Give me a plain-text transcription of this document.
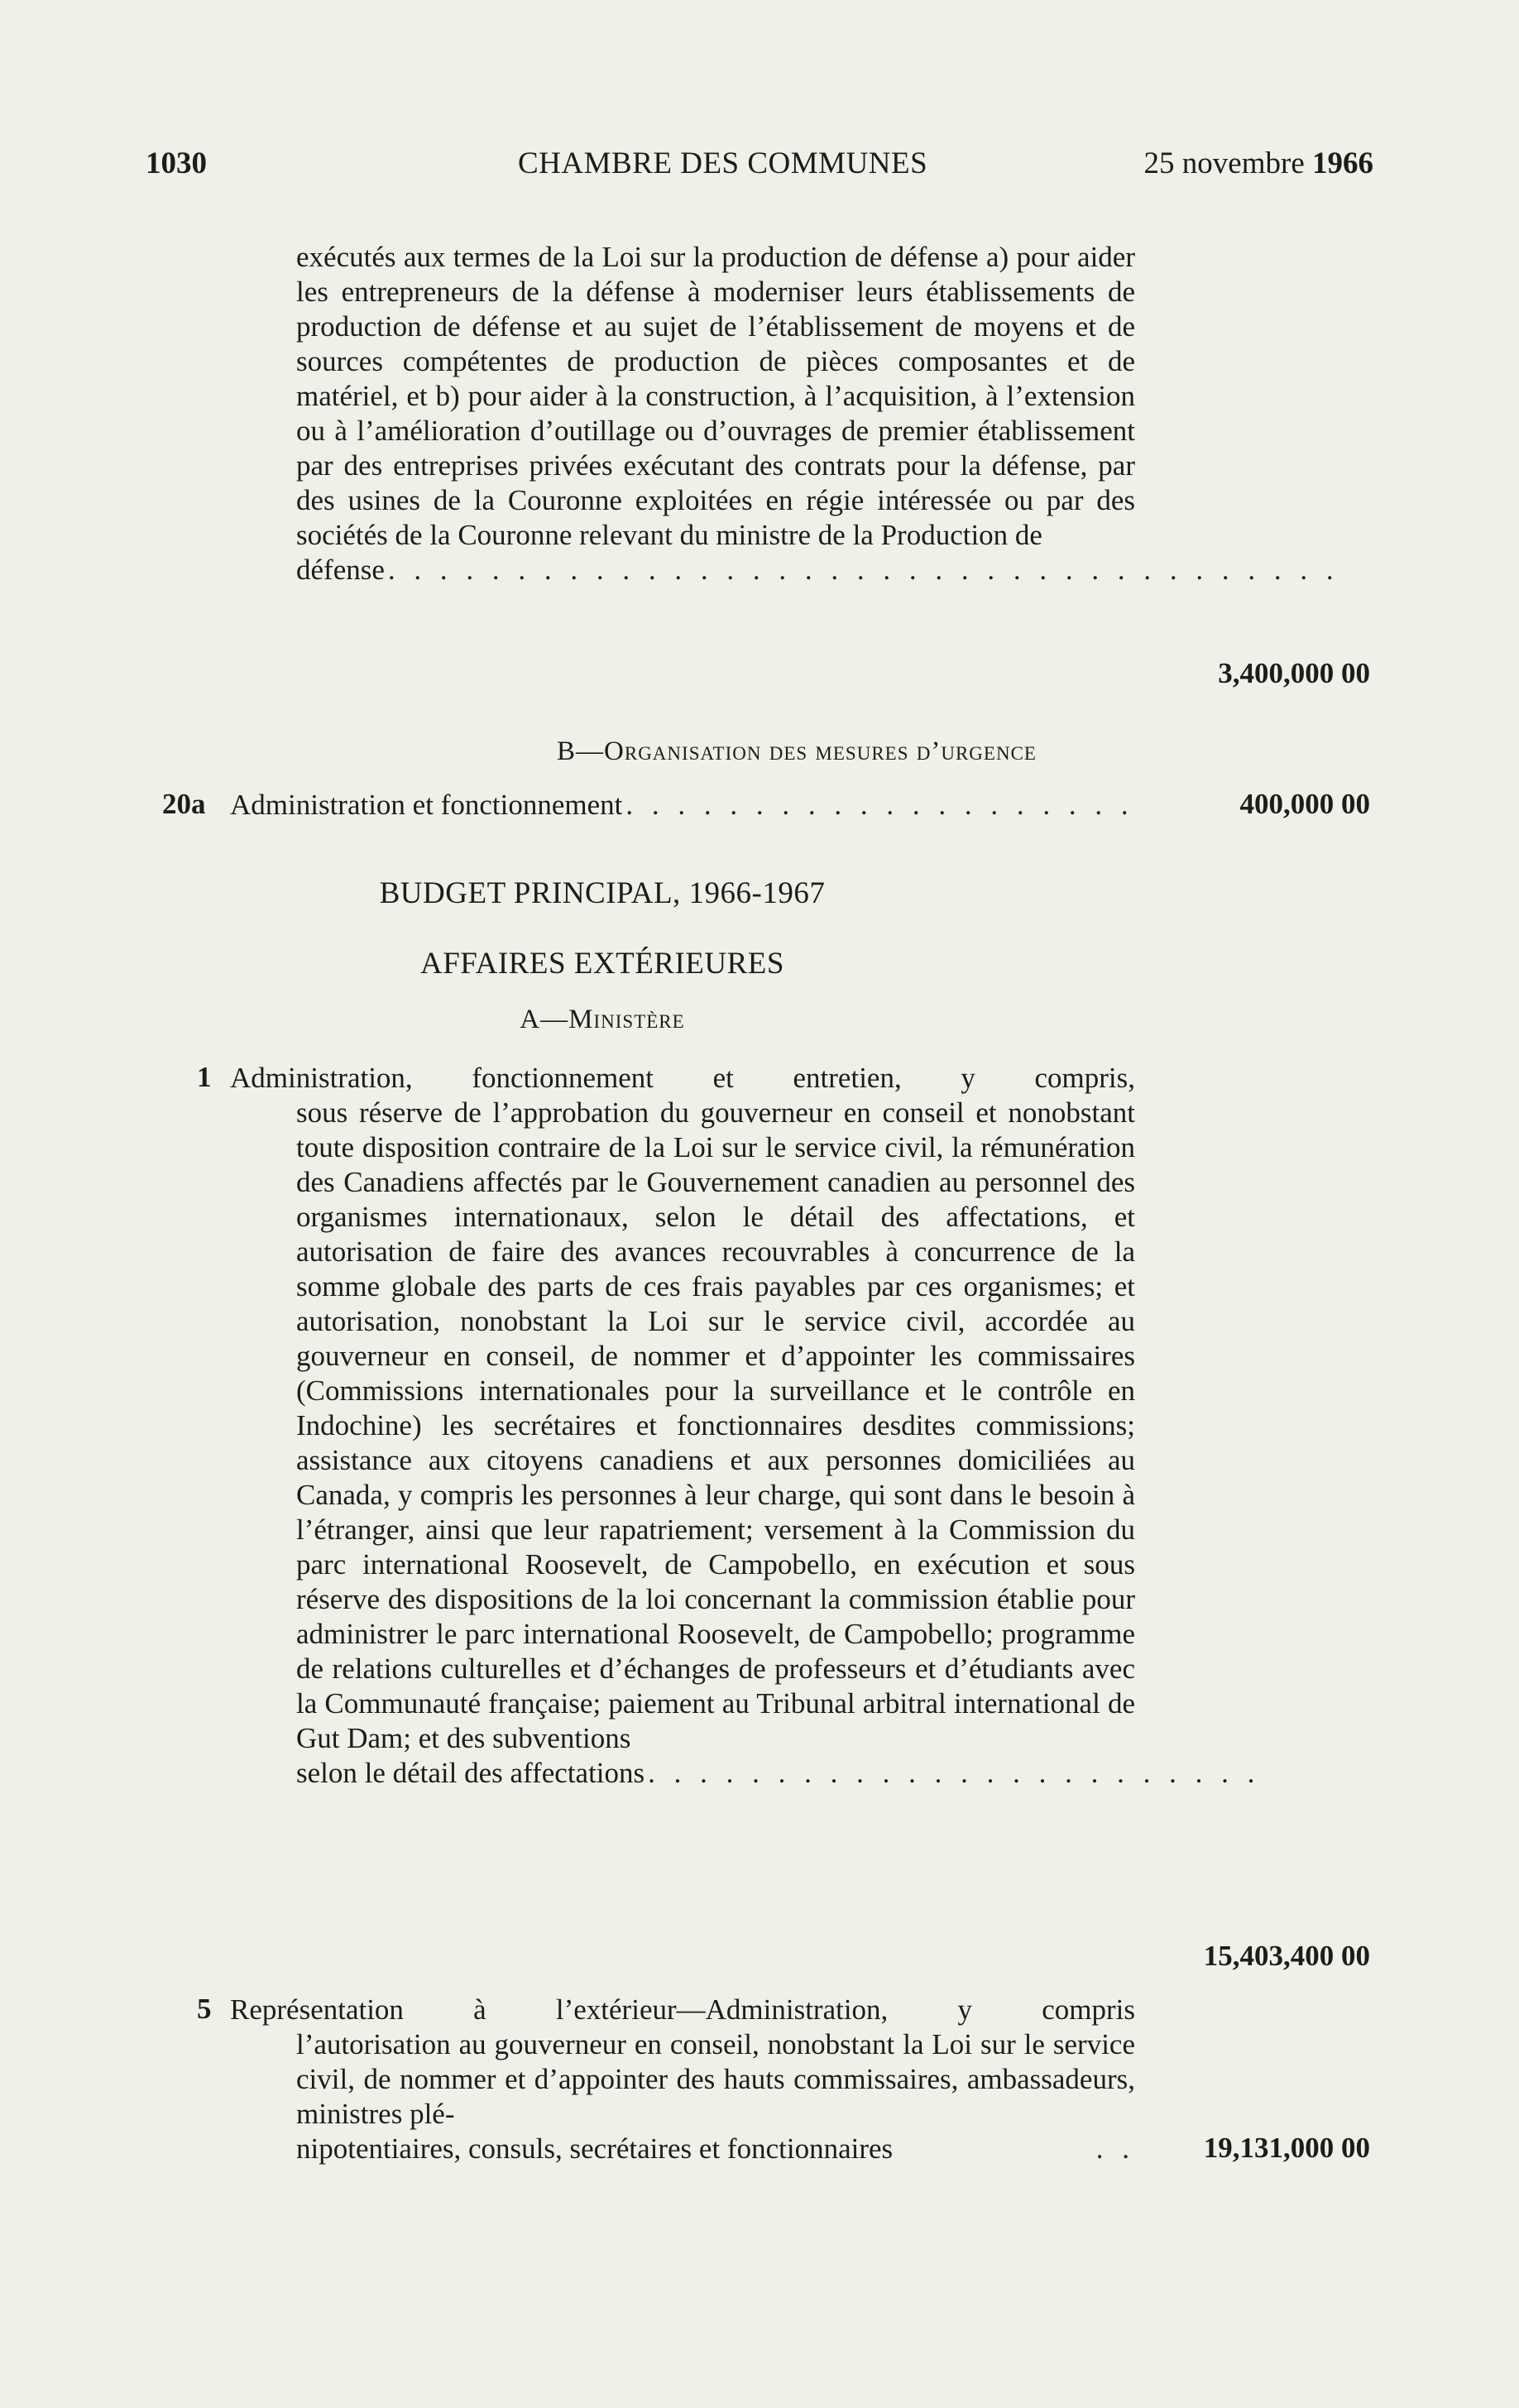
1030	CHAMBRE DES COMMUNES	25 novembre 1966

exécutés aux termes de la Loi sur la production de défense a) pour aider les entrepreneurs de la défense à moderniser leurs établissements de production de défense et au sujet de l’établissement de moyens et de sources compétentes de production de pièces composantes et de matériel, et b) pour aider à la construction, à l’acquisition, à l’extension ou à l’amélioration d’outillage ou d’ouvrages de premier établissement par des entreprises privées exécutant des contrats pour la défense, par des usines de la Couronne exploitées en régie intéressée ou par des sociétés de la Couronne relevant du ministre de la Production de

défense . . . . . . . . . . . . . . . . . . . . . . . . . . . . . . . . . . . . .
3,400,000 00
B—Organisation des mesures d’urgence
20a Administration et fonctionnement . . . . . . . . . . . . . . . . . . . .	400,000 00
BUDGET PRINCIPAL, 1966-1967
AFFAIRES EXTÉRIEURES
A—Ministère
1 Administration, fonctionnement et entretien, y compris,

sous réserve de l’approbation du gouverneur en conseil et nonobstant toute disposition contraire de la Loi sur le service civil, la rémunération des Canadiens affectés par le Gouvernement canadien au personnel des organismes internationaux, selon le détail des affectations, et autorisation de faire des avances recouvrables à concurrence de la somme globale des parts de ces frais payables par ces organismes; et autorisation, nonobstant la Loi sur le service civil, accordée au gouverneur en conseil, de nommer et d’appointer les commissaires (Commissions internationales pour la surveillance et le contrôle en Indochine) les secrétaires et fonctionnaires desdites commissions; assistance aux citoyens canadiens et aux personnes domiciliées au Canada, y compris les personnes à leur charge, qui sont dans le besoin à l’étranger, ainsi que leur rapatriement; versement à la Commission du parc international Roosevelt, de Campobello, en exécution et sous réserve des dispositions de la loi concernant la commission établie pour administrer le parc international Roosevelt, de Campobello; programme de relations culturelles et d’échanges de professeurs et d’étudiants avec la Communauté française; paiement au Tribunal arbitral international de Gut Dam; et des subventions

selon le détail des affectations . . . . . . . . . . . . . . . . . . . . . . . .
15,403,400 00
5 Représentation à l’extérieur—Administration, y compris

l’autorisation au gouverneur en conseil, nonobstant la Loi sur le service civil, de nommer et d’appointer des hauts commissaires, ambassadeurs, ministres plé-

nipotentiaires, consuls, secrétaires et fonctionnaires	. . 19,131,000 00
